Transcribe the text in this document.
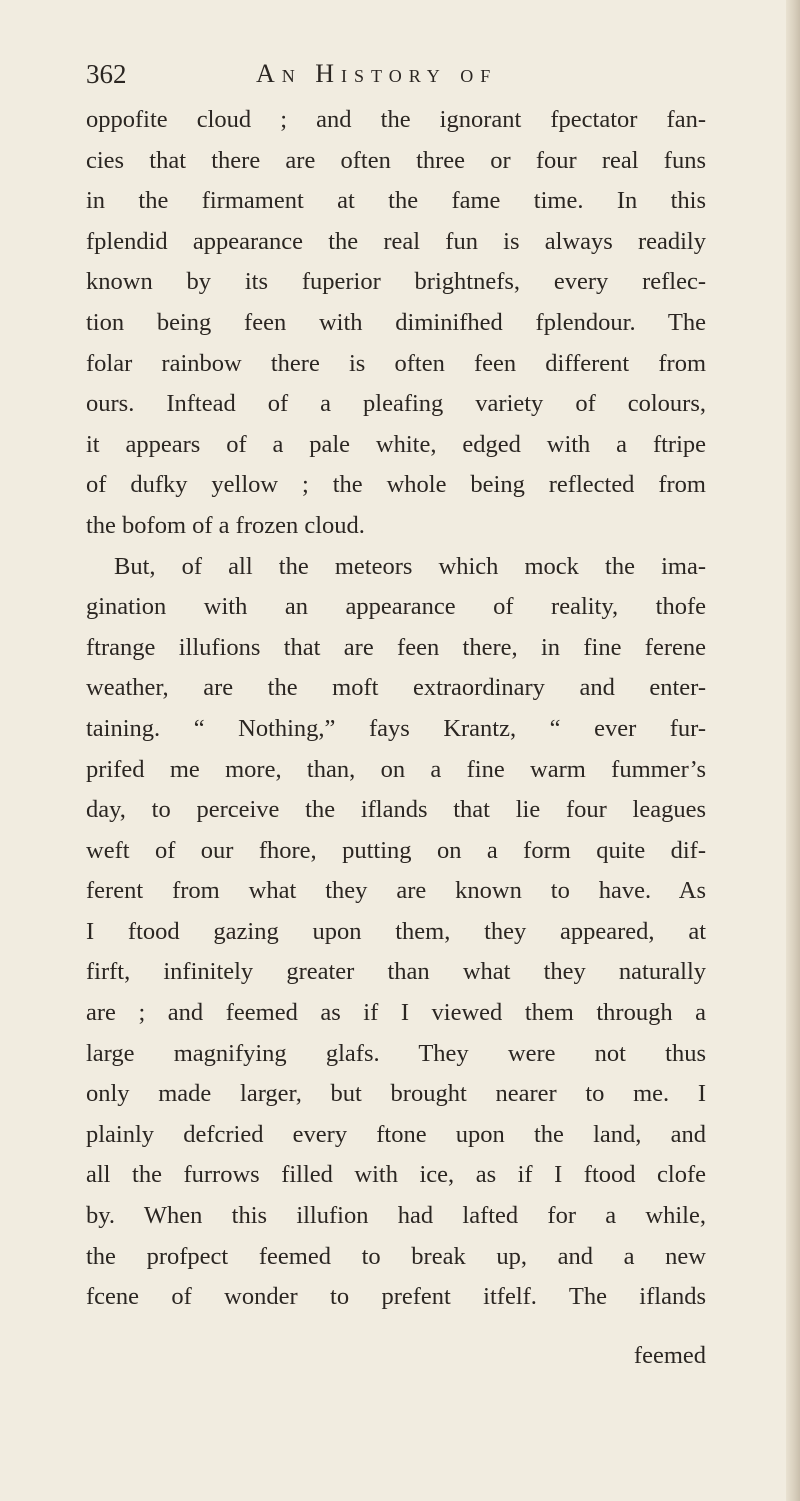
362	An History of
oppofite cloud ; and the ignorant fpectator fan-
cies that there are often three or four real funs
in the firmament at the fame time. In this
fplendid appearance the real fun is always readily
known by its fuperior brightnefs, every reflec-
tion being feen with diminifhed fplendour. The
folar rainbow there is often feen different from
ours. Inftead of a pleafing variety of colours,
it appears of a pale white, edged with a ftripe
of dufky yellow ; the whole being reflected from
the bofom of a frozen cloud.
But, of all the meteors which mock the ima-
gination with an appearance of reality, thofe
ftrange illufions that are feen there, in fine ferene
weather, are the moft extraordinary and enter-
taining. “ Nothing,” fays Krantz, “ ever fur-
prifed me more, than, on a fine warm fummer’s
day, to perceive the iflands that lie four leagues
weft of our fhore, putting on a form quite dif-
ferent from what they are known to have. As
I ftood gazing upon them, they appeared, at
firft, infinitely greater than what they naturally
are ; and feemed as if I viewed them through a
large magnifying glafs. They were not thus
only made larger, but brought nearer to me. I
plainly defcried every ftone upon the land, and
all the furrows filled with ice, as if I ftood clofe
by. When this illufion had lafted for a while,
the profpect feemed to break up, and a new
fcene of wonder to prefent itfelf. The iflands
feemed
